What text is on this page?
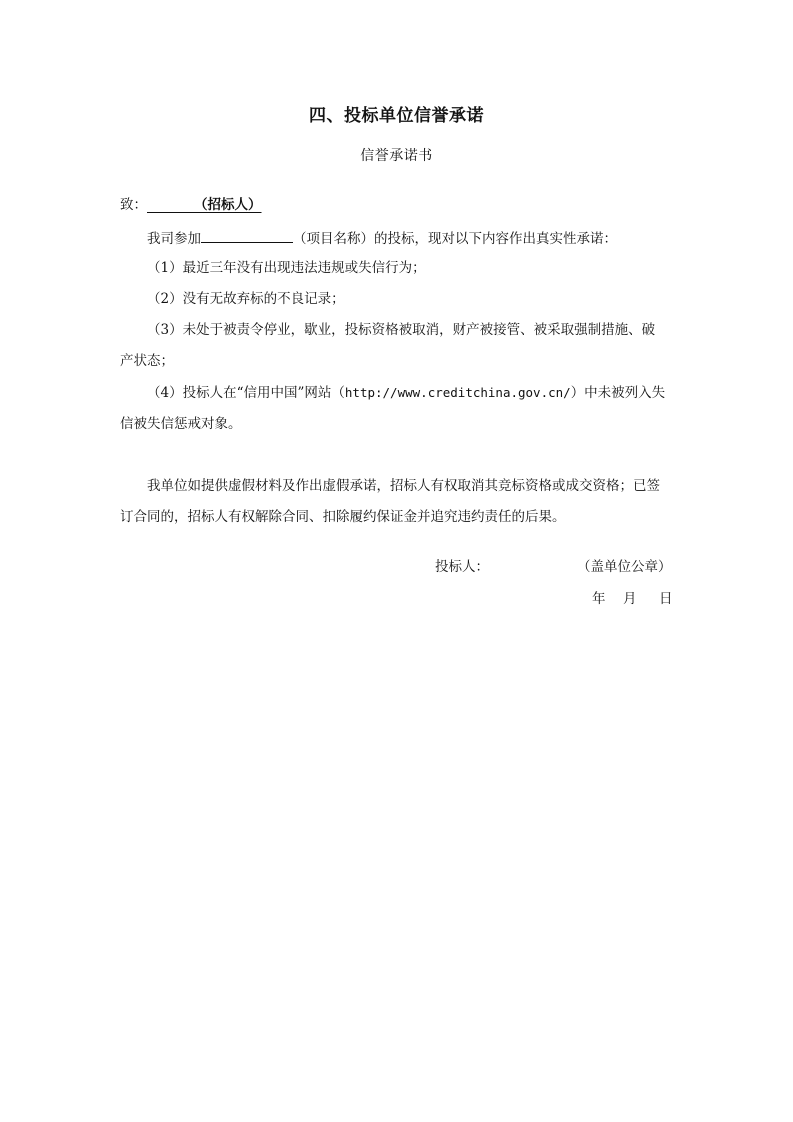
四、投标单位信誉承诺
信誉承诺书
致：	（招标人）
我司参加	（项目名称）的投标，现对以下内容作出真实性承诺：
（1）最近三年没有出现违法违规或失信行为；
（2）没有无故弃标的不良记录；
（3）未处于被责令停业，歇业，投标资格被取消，财产被接管、被采取强制措施、破
产状态；
（4）投标人在“信用中国”网站（http://www.creditchina.gov.cn/）中未被列入失
信被失信惩戒对象。
我单位如提供虚假材料及作出虚假承诺，招标人有权取消其竞标资格或成交资格；已签
订合同的，招标人有权解除合同、扣除履约保证金并追究违约责任的后果。
投标人：	（盖单位公章）
年 月 日
